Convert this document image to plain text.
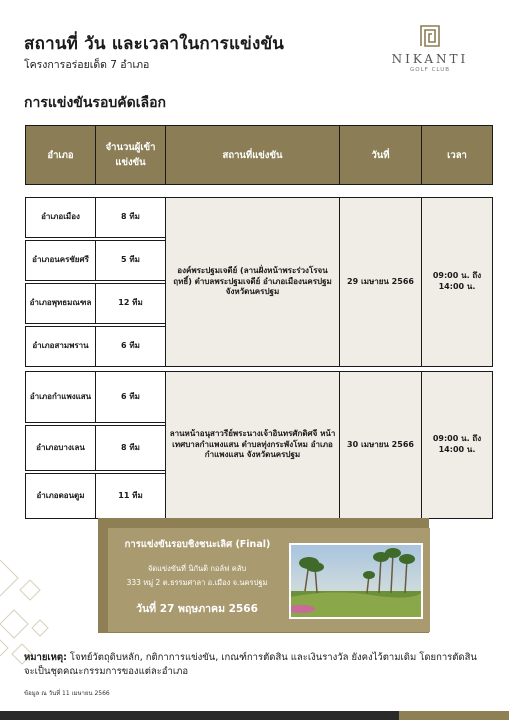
สถานที่ วัน และเวลาในการแข่งขัน
โครงการอร่อยเด็ด 7 อำเภอ	NIKANTI
GOLF CLUB
การแข่งขันรอบคัดเลือก
อำเภอ	จำนวนผู้เข้าแข่งขัน	สถานที่แข่งขัน	วันที่	เวลา

อำเภอเมือง	8 ทีม	องค์พระปฐมเจดีย์ (ลานฝั่งหน้าพระร่วงโรจนฤทธิ์) ตำบลพระปฐมเจดีย์ อำเภอเมืองนครปฐม จังหวัดนครปฐม	29 เมษายน 2566	09:00 น. ถึง 14:00 น.

อำเภอนครชัยศรี	5 ทีม			

อำเภอพุทธมณฑล	12 ทีม			

อำเภอสามพราน	6 ทีม			

อำเภอกำแพงแสน	6 ทีม	ลานหน้าอนุสาวรีย์พระนางเจ้าอินทรศักดิศจี หน้าเทศบาลกำแพงแสน ตำบลทุ่งกระพังโหม อำเภอกำแพงแสน จังหวัดนครปฐม	30 เมษายน 2566	09:00 น. ถึง 14:00 น.

อำเภอบางเลน	8 ทีม			

อำเภอดอนตูม	11 ทีม			
การแข่งขันรอบชิงชนะเลิศ (Final)
จัดแข่งขันที่ นิกันติ กอล์ฟ คลับ
333 หมู่ 2 ต.ธรรมศาลา อ.เมือง จ.นครปฐม
วันที่ 27 พฤษภาคม 2566
หมายเหตุ: โจทย์วัตถุดิบหลัก, กติกาการแข่งขัน, เกณฑ์การตัดสิน และเงินรางวัล ยังคงไว้ตามเดิม โดยการตัดสิน จะเป็นชุดคณะกรรมการของแต่ละอำเภอ
ข้อมูล ณ วันที่ 11 เมษายน 2566
